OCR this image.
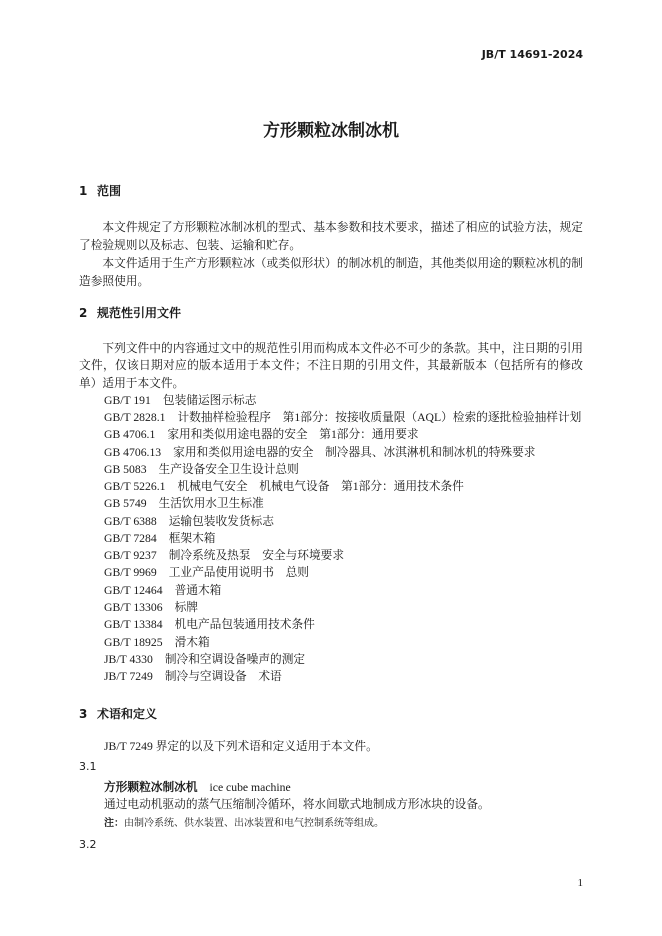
JB/T 14691-2024
方形颗粒冰制冰机
1 范围

本文件规定了方形颗粒冰制冰机的型式、基本参数和技术要求，描述了相应的试验方法，规定了检验规则以及标志、包装、运输和贮存。

本文件适用于生产方形颗粒冰（或类似形状）的制冰机的制造，其他类似用途的颗粒冰机的制造参照使用。

2 规范性引用文件

下列文件中的内容通过文中的规范性引用而构成本文件必不可少的条款。其中，注日期的引用文件，仅该日期对应的版本适用于本文件；不注日期的引用文件，其最新版本（包括所有的修改单）适用于本文件。

GB/T 191 包装储运图示标志
GB/T 2828.1 计数抽样检验程序　第1部分：按接收质量限（AQL）检索的逐批检验抽样计划
GB 4706.1 家用和类似用途电器的安全　第1部分：通用要求
GB 4706.13 家用和类似用途电器的安全　制冷器具、冰淇淋机和制冰机的特殊要求
GB 5083 生产设备安全卫生设计总则
GB/T 5226.1 机械电气安全　机械电气设备　第1部分：通用技术条件
GB 5749 生活饮用水卫生标准
GB/T 6388 运输包装收发货标志
GB/T 7284 框架木箱
GB/T 9237 制冷系统及热泵　安全与环境要求
GB/T 9969 工业产品使用说明书　总则
GB/T 12464 普通木箱
GB/T 13306 标牌
GB/T 13384 机电产品包装通用技术条件
GB/T 18925 滑木箱
JB/T 4330 制冷和空调设备噪声的测定
JB/T 7249 制冷与空调设备　术语
3 术语和定义
JB/T 7249 界定的以及下列术语和定义适用于本文件。
3.1
方形颗粒冰制冰机 ice cube machine
通过电动机驱动的蒸气压缩制冷循环，将水间歇式地制成方形冰块的设备。
注：由制冷系统、供水装置、出冰装置和电气控制系统等组成。
3.2
1
